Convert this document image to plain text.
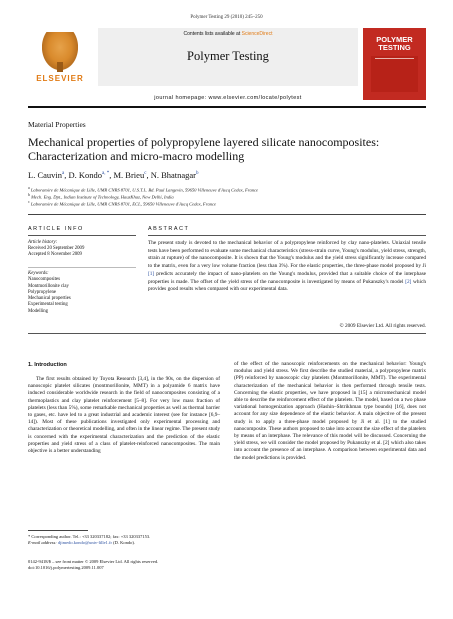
Polymer Testing 29 (2010) 245–250
ELSEVIER
Contents lists available at ScienceDirect
Polymer Testing
journal homepage: www.elsevier.com/locate/polytest
POLYMER
TESTING
Material Properties
Mechanical properties of polypropylene layered silicate nanocomposites:
Characterization and micro-macro modelling
L. Cauvin$^a$, D. Kondo$^{a, *}$, M. Brieu$^c$, N. Bhatnagar$^b$
$^a$ Laboratoire de Mécanique de Lille, UMR CNRS 8701, U.S.T.L. Bd. Paul Langevin, 59650 Villeneuve d'Ascq Cedex, France
$^b$ Mech. Eng. Dpt., Indian Institute of Technology, HauzKhaz, New Delhi, India
$^c$ Laboratoire de Mécanique de Lille, UMR CNRS 8701, ECL, 59650 Villeneuve d'Ascq Cedex, France
ARTICLE INFO	ABSTRACT
Article history:
Received 20 September 2009
Accepted 8 November 2009
Keywords:
Nanocomposites
Montmorillonite clay
Polypropylene
Mechanical properties
Experimental testing
Modelling
The present study is devoted to the mechanical behavior of a polypropylene reinforced by clay nano-platelets. Uniaxial tensile tests have been performed to evaluate some mechanical characteristics (stress-strain curve, Young's modulus, yield stress, strength, strain at rupture) of the nanocomposite. It is shown that the Young's modulus and the yield stress significantly increase compared to the matrix, even for a very low volume fraction (less than 3%). For the elastic properties, the three-phase model proposed by Ji [1] predicts accurately the impact of nano-platelets on the Young's modulus, provided that a suitable choice of the interphase properties is made. The offset of the yield stress of the nanocomposite is investigated by means of Pukanszky's model [2] which provides good results when compared with our experimental data.
© 2009 Elsevier Ltd. All rights reserved.
1. Introduction
The first results obtained by Toyota Research [3,4], in the 90s, on the dispersion of nanoscopic platelet silicates (montmorillonite, MMT) in a polyamide 6 matrix have induced considerable worldwide research in the field of nanocomposites consisting of a thermoplastics and clay platelet reinforcement [5–8]. For very low mass fraction of platelets (less than 5%), some remarkable mechanical properties as well as thermal barrier to gases, etc. have led to a great industrial and academic interest (see for instance [6,9–14]). Most of these publications investigated only experimental processing and characterization or theoretical modelling, and often in the linear regime. The present study is concerned with the experimental characterization and the prediction of the elastic properties and yield stress of a class of platelet-reinforced nanocomposites. The main objective is a better understanding
of the effect of the nanoscopic reinforcements on the mechanical behavior: Young's modulus and yield stress. We first describe the studied material, a polypropylene matrix (PP) reinforced by nanoscopic clay platelets (Montmorillonite, MMT). The experimental characterization of the mechanical behavior is then performed through tensile tests. Concerning the elastic properties, we have proposed in [15] a micromechanical model able to describe the reinforcement effect of the platelets. The model, based on a two phase variational homogenization approach (Hashin–Shtrikhman type bounds) [16], does not account for any size dependence of the elastic behavior. A main objective of the present study is to apply a three-phase model proposed by Ji et al. [1] to the studied nanocomposite. These authors proposed to take into account the size effect of the platelets by means of an interphase. The relevance of this model will be discussed. Concerning the yield stress, we will consider the model proposed by Pukanszky et al. [2] which also takes into account the presence of an interphase. A comparison between experimental data and the model predictions is provided.
* Corresponding author. Tel.: +33 320337182; fax: +33 320337153.
E-mail address: djimedo.kondo@univ-lille1.fr (D. Kondo).
0142-9418/$ – see front matter © 2009 Elsevier Ltd. All rights reserved.
doi:10.1016/j.polymertesting.2009.11.007
